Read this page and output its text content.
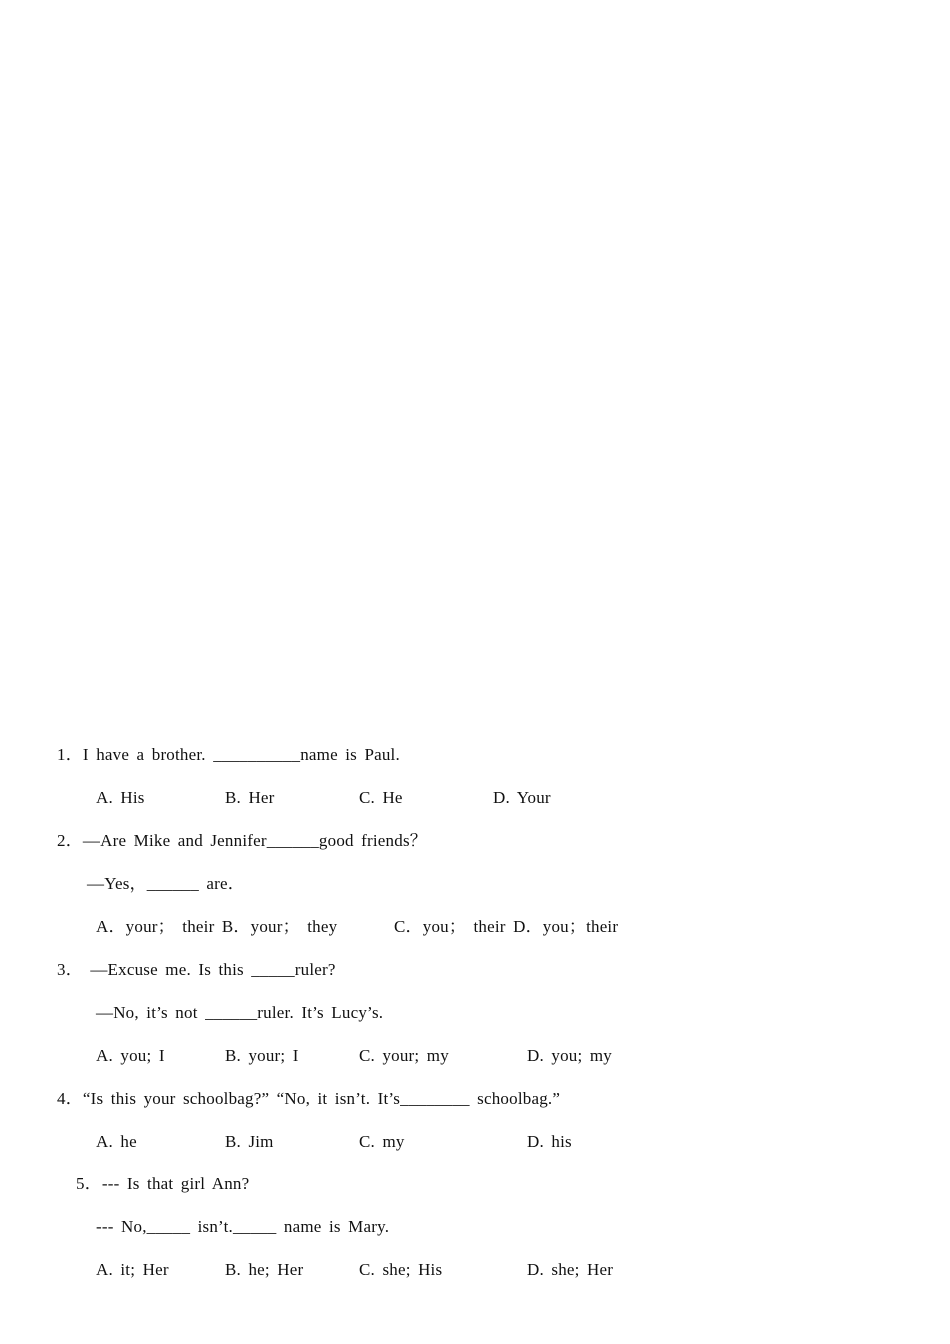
1．I have a brother. __________name is Paul.
A. His	B. Her	C. He	D. Your
2．—Are Mike and Jennifer______good friends？
—Yes，______ are．
A．your； their B．your； they	C．you； their D．you；their
3． —Excuse me. Is this _____ruler?
—No, it’s not ______ruler. It’s Lucy’s.
A. you; I	B. your; I	C. your; my	D. you; my
4．“Is this your schoolbag?” “No, it isn’t. It’s________ schoolbag.”
A. he	B. Jim	C. my	D. his
5．--- Is that girl Ann?
--- No,_____ isn’t._____ name is Mary.
A. it; Her	B. he; Her	C. she; His	D. she; Her
